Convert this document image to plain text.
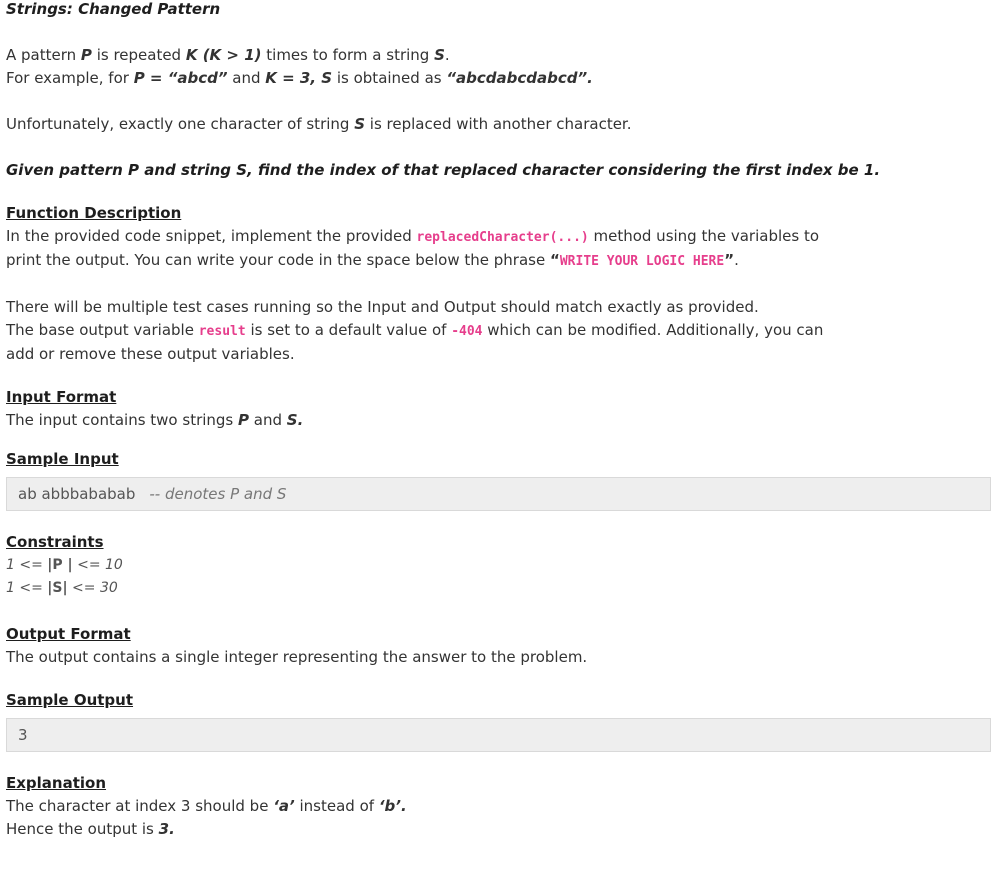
Strings: Changed Pattern

A pattern P is repeated K (K > 1) times to form a string S.

For example, for P = “abcd” and K = 3, S is obtained as “abcdabcdabcd”.

Unfortunately, exactly one character of string S is replaced with another character.

Given pattern P and string S, find the index of that replaced character considering the first index be 1.

Function Description

In the provided code snippet, implement the provided replacedCharacter(...) method using the variables to

print the output. You can write your code in the space below the phrase “WRITE YOUR LOGIC HERE”.

There will be multiple test cases running so the Input and Output should match exactly as provided.

The base output variable result is set to a default value of -404 which can be modified. Additionally, you can

add or remove these output variables.

Input Format

The input contains two strings P and S.

Sample Input

ab abbbababab -- denotes P and S

Constraints

1 <= |P | <= 10

1 <= |S| <= 30

Output Format

The output contains a single integer representing the answer to the problem.

Sample Output

3

Explanation

The character at index 3 should be ‘a’ instead of ‘b’.

Hence the output is 3.
